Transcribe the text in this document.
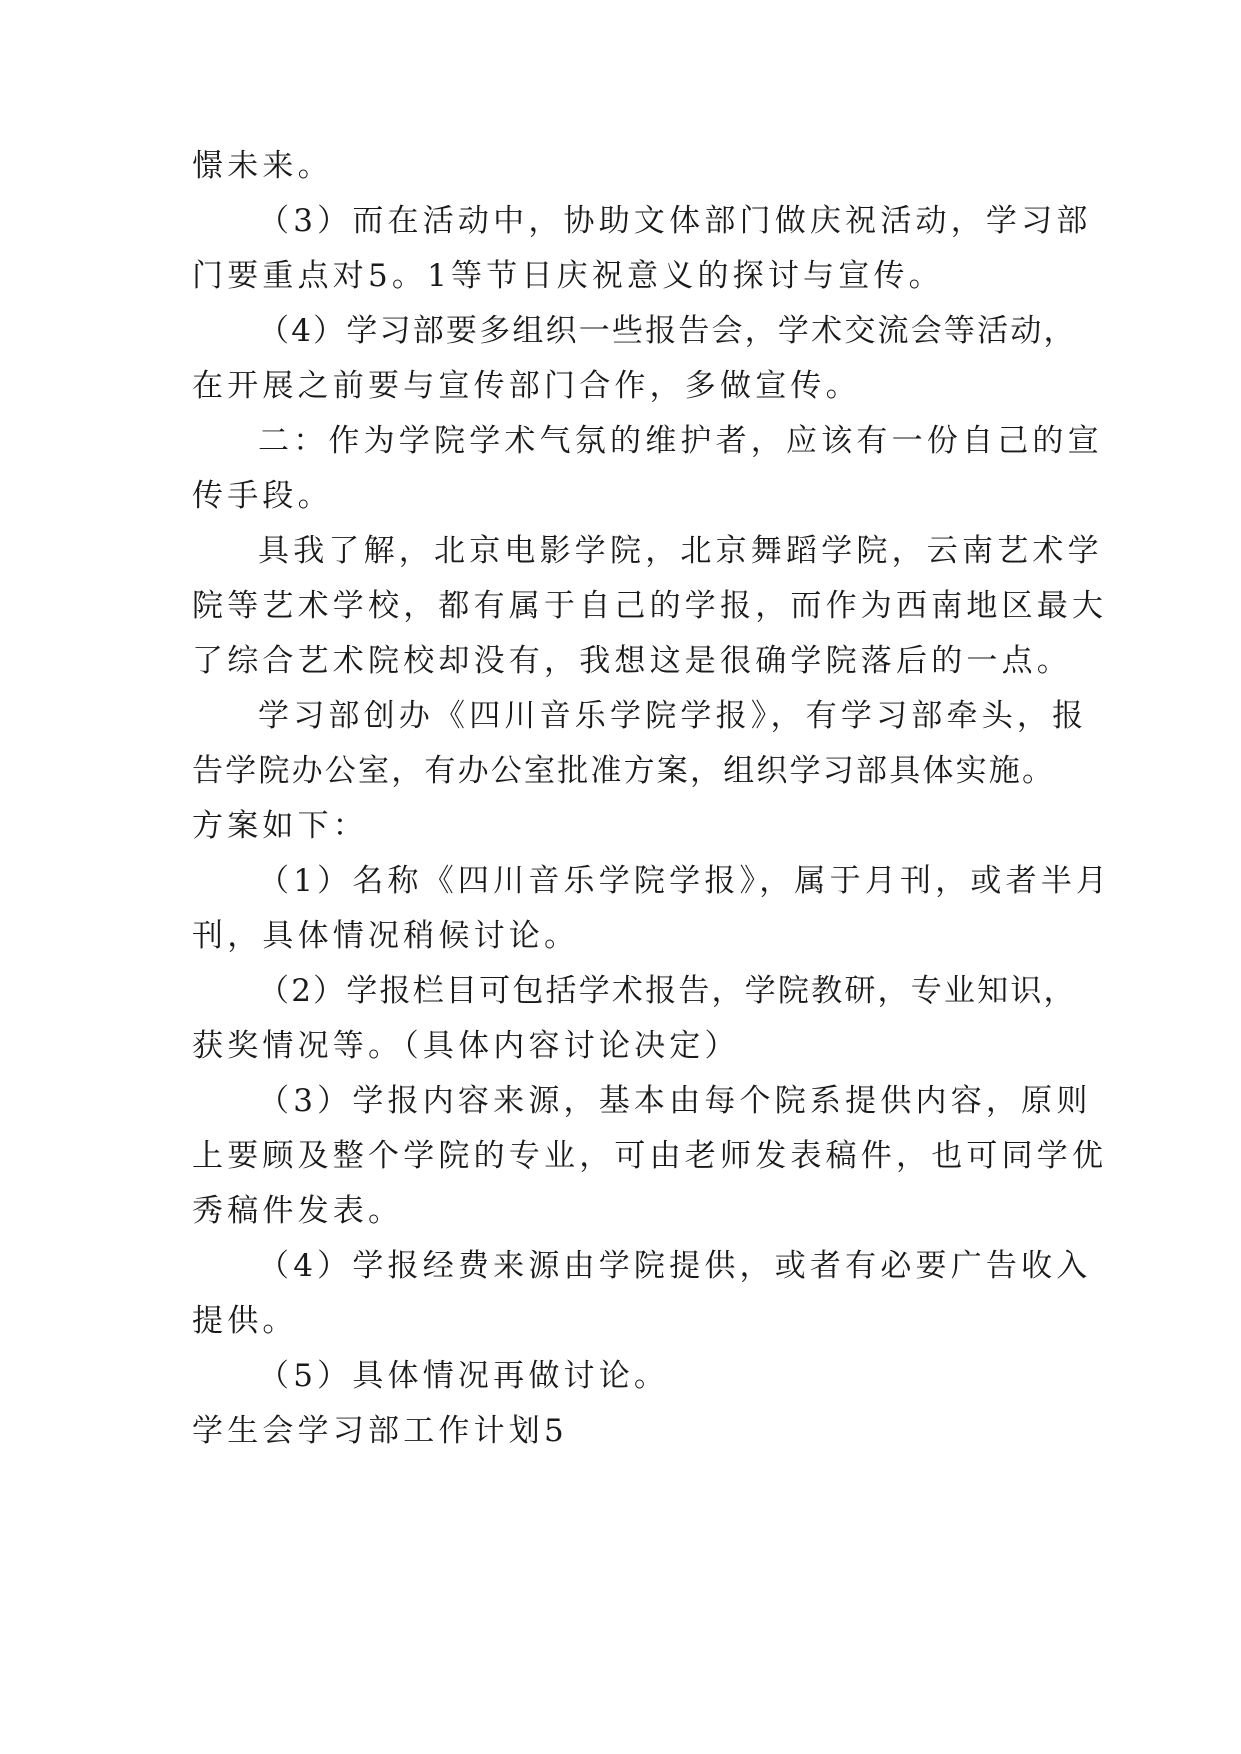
憬未来。
（3）而在活动中，协助文体部门做庆祝活动，学习部
门要重点对5。1等节日庆祝意义的探讨与宣传。
（4）学习部要多组织一些报告会，学术交流会等活动，
在开展之前要与宣传部门合作，多做宣传。
二：作为学院学术气氛的维护者，应该有一份自己的宣
传手段。
具我了解，北京电影学院，北京舞蹈学院，云南艺术学
院等艺术学校，都有属于自己的学报，而作为西南地区最大
了综合艺术院校却没有，我想这是很确学院落后的一点。
学习部创办《四川音乐学院学报》，有学习部牵头，报
告学院办公室，有办公室批准方案，组织学习部具体实施。
方案如下：
（1）名称《四川音乐学院学报》，属于月刊，或者半月
刊，具体情况稍候讨论。
（2）学报栏目可包括学术报告，学院教研，专业知识，
获奖情况等。（具体内容讨论决定）
（3）学报内容来源，基本由每个院系提供内容，原则
上要顾及整个学院的专业，可由老师发表稿件，也可同学优
秀稿件发表。
（4）学报经费来源由学院提供，或者有必要广告收入
提供。
（5）具体情况再做讨论。
学生会学习部工作计划5
